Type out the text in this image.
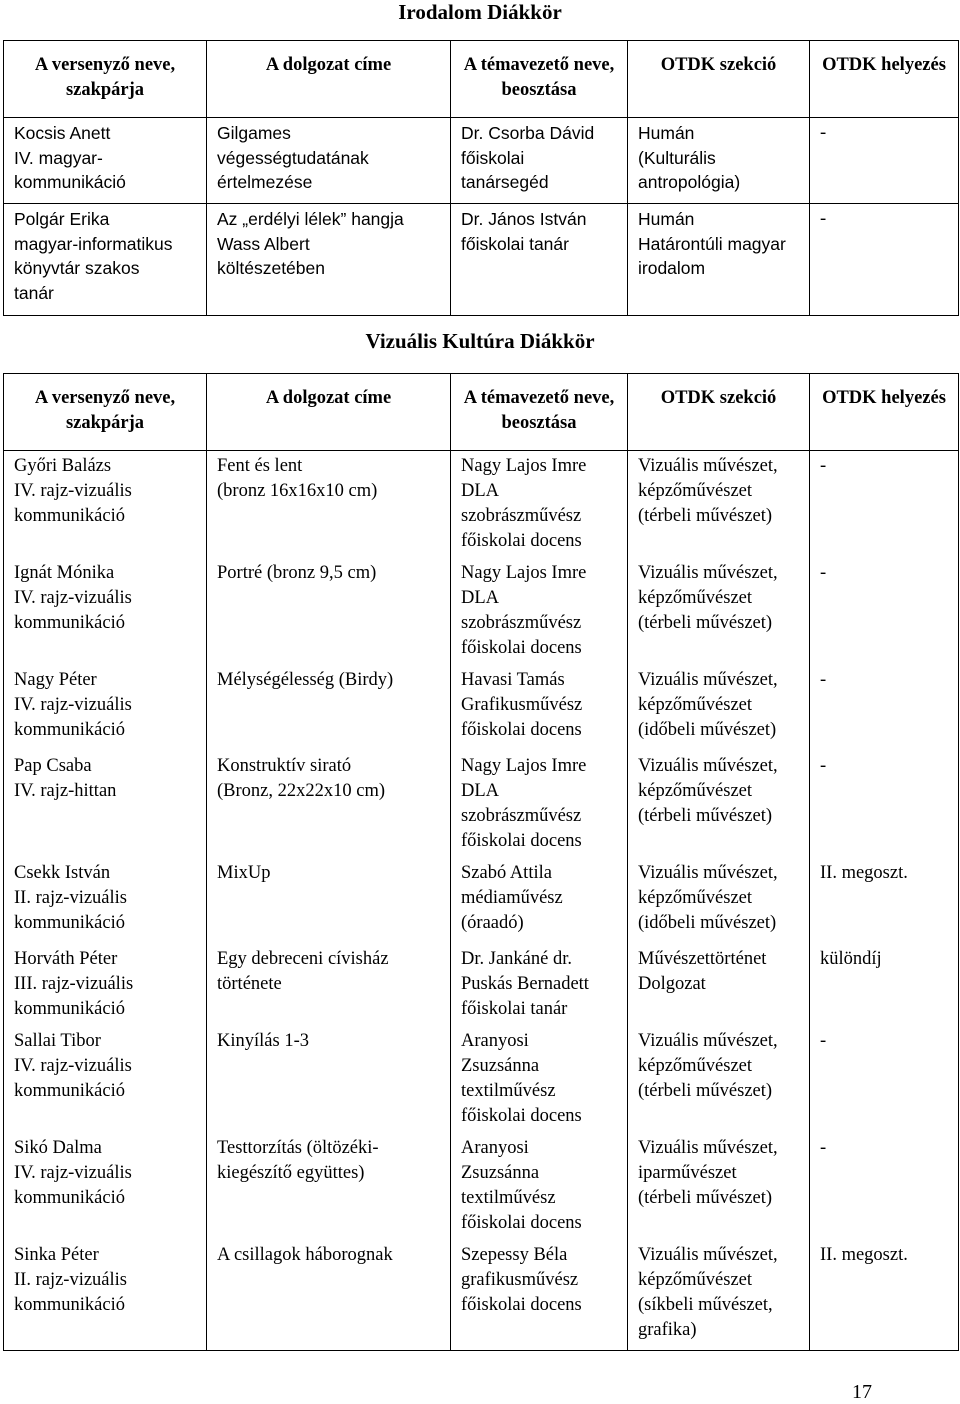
Irodalom Diákkör
A versenyző neve, szakpárja	A dolgozat címe	A témavezető neve, beosztása	OTDK szekció	OTDK helyezés

Kocsis Anett
IV. magyar-
kommunikáció	Gilgames
végességtudatának
értelmezése	Dr. Csorba Dávid
főiskolai
tanársegéd	Humán
(Kulturális
antropológia)	-

Polgár Erika
magyar-informatikus
könyvtár szakos
tanár	Az „erdélyi lélek” hangja
Wass Albert
költészetében	Dr. János István
főiskolai tanár	Humán
Határontúli magyar
irodalom	-
Vizuális Kultúra Diákkör
A versenyző neve, szakpárja	A dolgozat címe	A témavezető neve, beosztása	OTDK szekció	OTDK helyezés

Győri Balázs
IV. rajz-vizuális
kommunikáció	Fent és lent
(bronz 16x16x10 cm)	Nagy Lajos Imre
DLA
szobrászművész
főiskolai docens	Vizuális művészet,
képzőművészet
(térbeli művészet)	-

Ignát Mónika
IV. rajz-vizuális
kommunikáció	Portré (bronz 9,5 cm)	Nagy Lajos Imre
DLA
szobrászművész
főiskolai docens	Vizuális művészet,
képzőművészet
(térbeli művészet)	-

Nagy Péter
IV. rajz-vizuális
kommunikáció	Mélységélesség (Birdy)	Havasi Tamás
Grafikusművész
főiskolai docens	Vizuális művészet,
képzőművészet
(időbeli művészet)	-

Pap Csaba
IV. rajz-hittan	Konstruktív sirató
(Bronz, 22x22x10 cm)	Nagy Lajos Imre
DLA
szobrászművész
főiskolai docens	Vizuális művészet,
képzőművészet
(térbeli művészet)	-

Csekk István
II. rajz-vizuális
kommunikáció	MixUp	Szabó Attila
médiaművész
(óraadó)	Vizuális művészet,
képzőművészet
(időbeli művészet)	II. megoszt.

Horváth Péter
III. rajz-vizuális
kommunikáció	Egy debreceni cívisház
története	Dr. Jankáné dr.
Puskás Bernadett
főiskolai tanár	Művészettörténet
Dolgozat	különdíj

Sallai Tibor
IV. rajz-vizuális
kommunikáció	Kinyílás 1-3	Aranyosi
Zsuzsánna
textilművész
főiskolai docens	Vizuális művészet,
képzőművészet
(térbeli művészet)	-

Sikó Dalma
IV. rajz-vizuális
kommunikáció	Testtorzítás (öltözéki-
kiegészítő együttes)	Aranyosi
Zsuzsánna
textilművész
főiskolai docens	Vizuális művészet,
iparművészet
(térbeli művészet)	-

Sinka Péter
II. rajz-vizuális
kommunikáció	A csillagok háborognak	Szepessy Béla
grafikusművész
főiskolai docens	Vizuális művészet,
képzőművészet
(síkbeli művészet,
grafika)	II. megoszt.
17
